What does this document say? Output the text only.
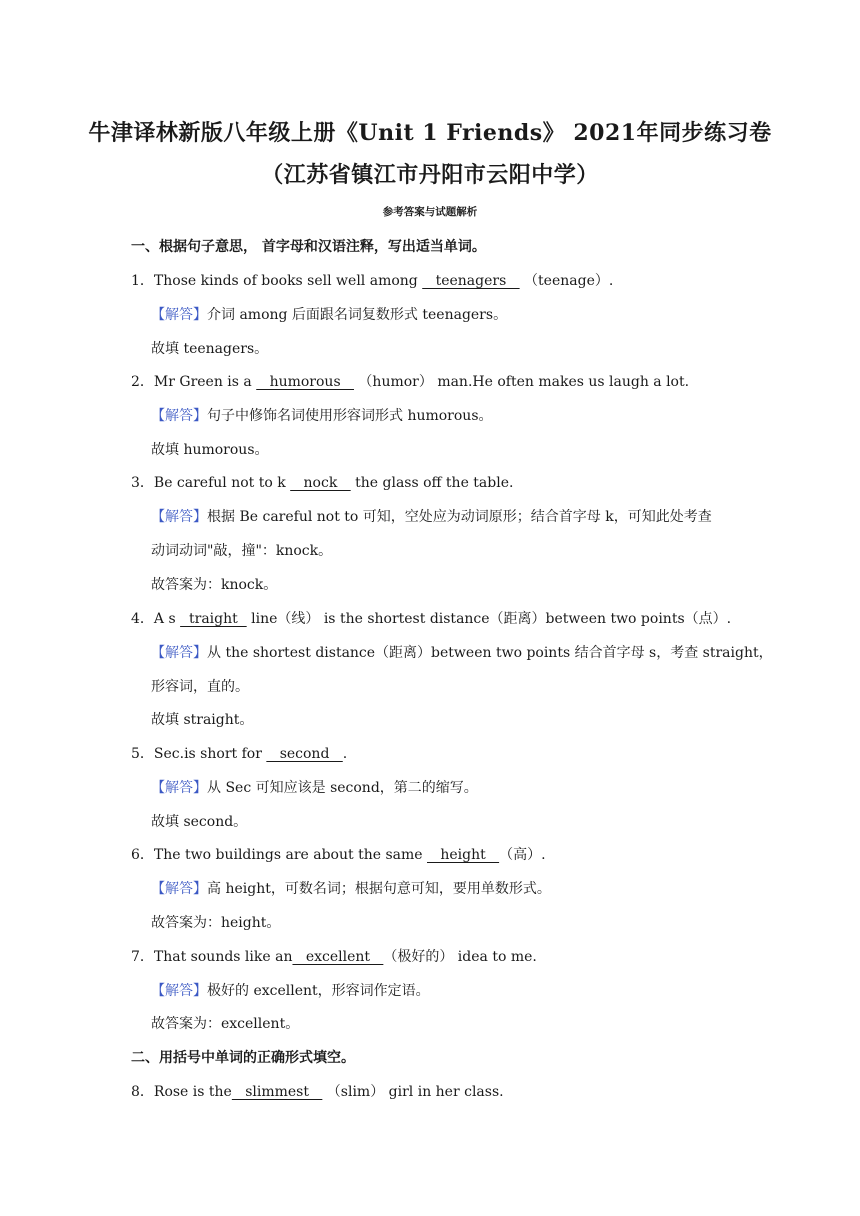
牛津译林新版八年级上册《Unit 1 Friends》 2021年同步练习卷
（江苏省镇江市丹阳市云阳中学）
参考答案与试题解析
一、根据句子意思， 首字母和汉语注释，写出适当单词。
1．Those kinds of books sell well among    teenagers    （teenage）.
【解答】介词 among 后面跟名词复数形式 teenagers。
故填 teenagers。
2．Mr Green is a    humorous    （humor） man.He often makes us laugh a lot.
【解答】句子中修饰名词使用形容词形式 humorous。
故填 humorous。
3．Be careful not to k    nock    the glass off the table.
【解答】根据 Be careful not to 可知，空处应为动词原形；结合首字母 k，可知此处考查
动词动词"敲，撞"：knock。
故答案为：knock。
4．A s   traight   line（线） is the shortest distance（距离）between two points（点）.
【解答】从 the shortest distance（距离）between two points 结合首字母 s，考查 straight，
形容词，直的。
故填 straight。
5．Sec.is short for    second   .
【解答】从 Sec 可知应该是 second，第二的缩写。
故填 second。
6．The two buildings are about the same    height   （高）.
【解答】高 height，可数名词；根据句意可知，要用单数形式。
故答案为：height。
7．That sounds like an   excellent   （极好的） idea to me.
【解答】极好的 excellent，形容词作定语。
故答案为：excellent。
二、用括号中单词的正确形式填空。
8．Rose is the   slimmest    （slim） girl in her class.
